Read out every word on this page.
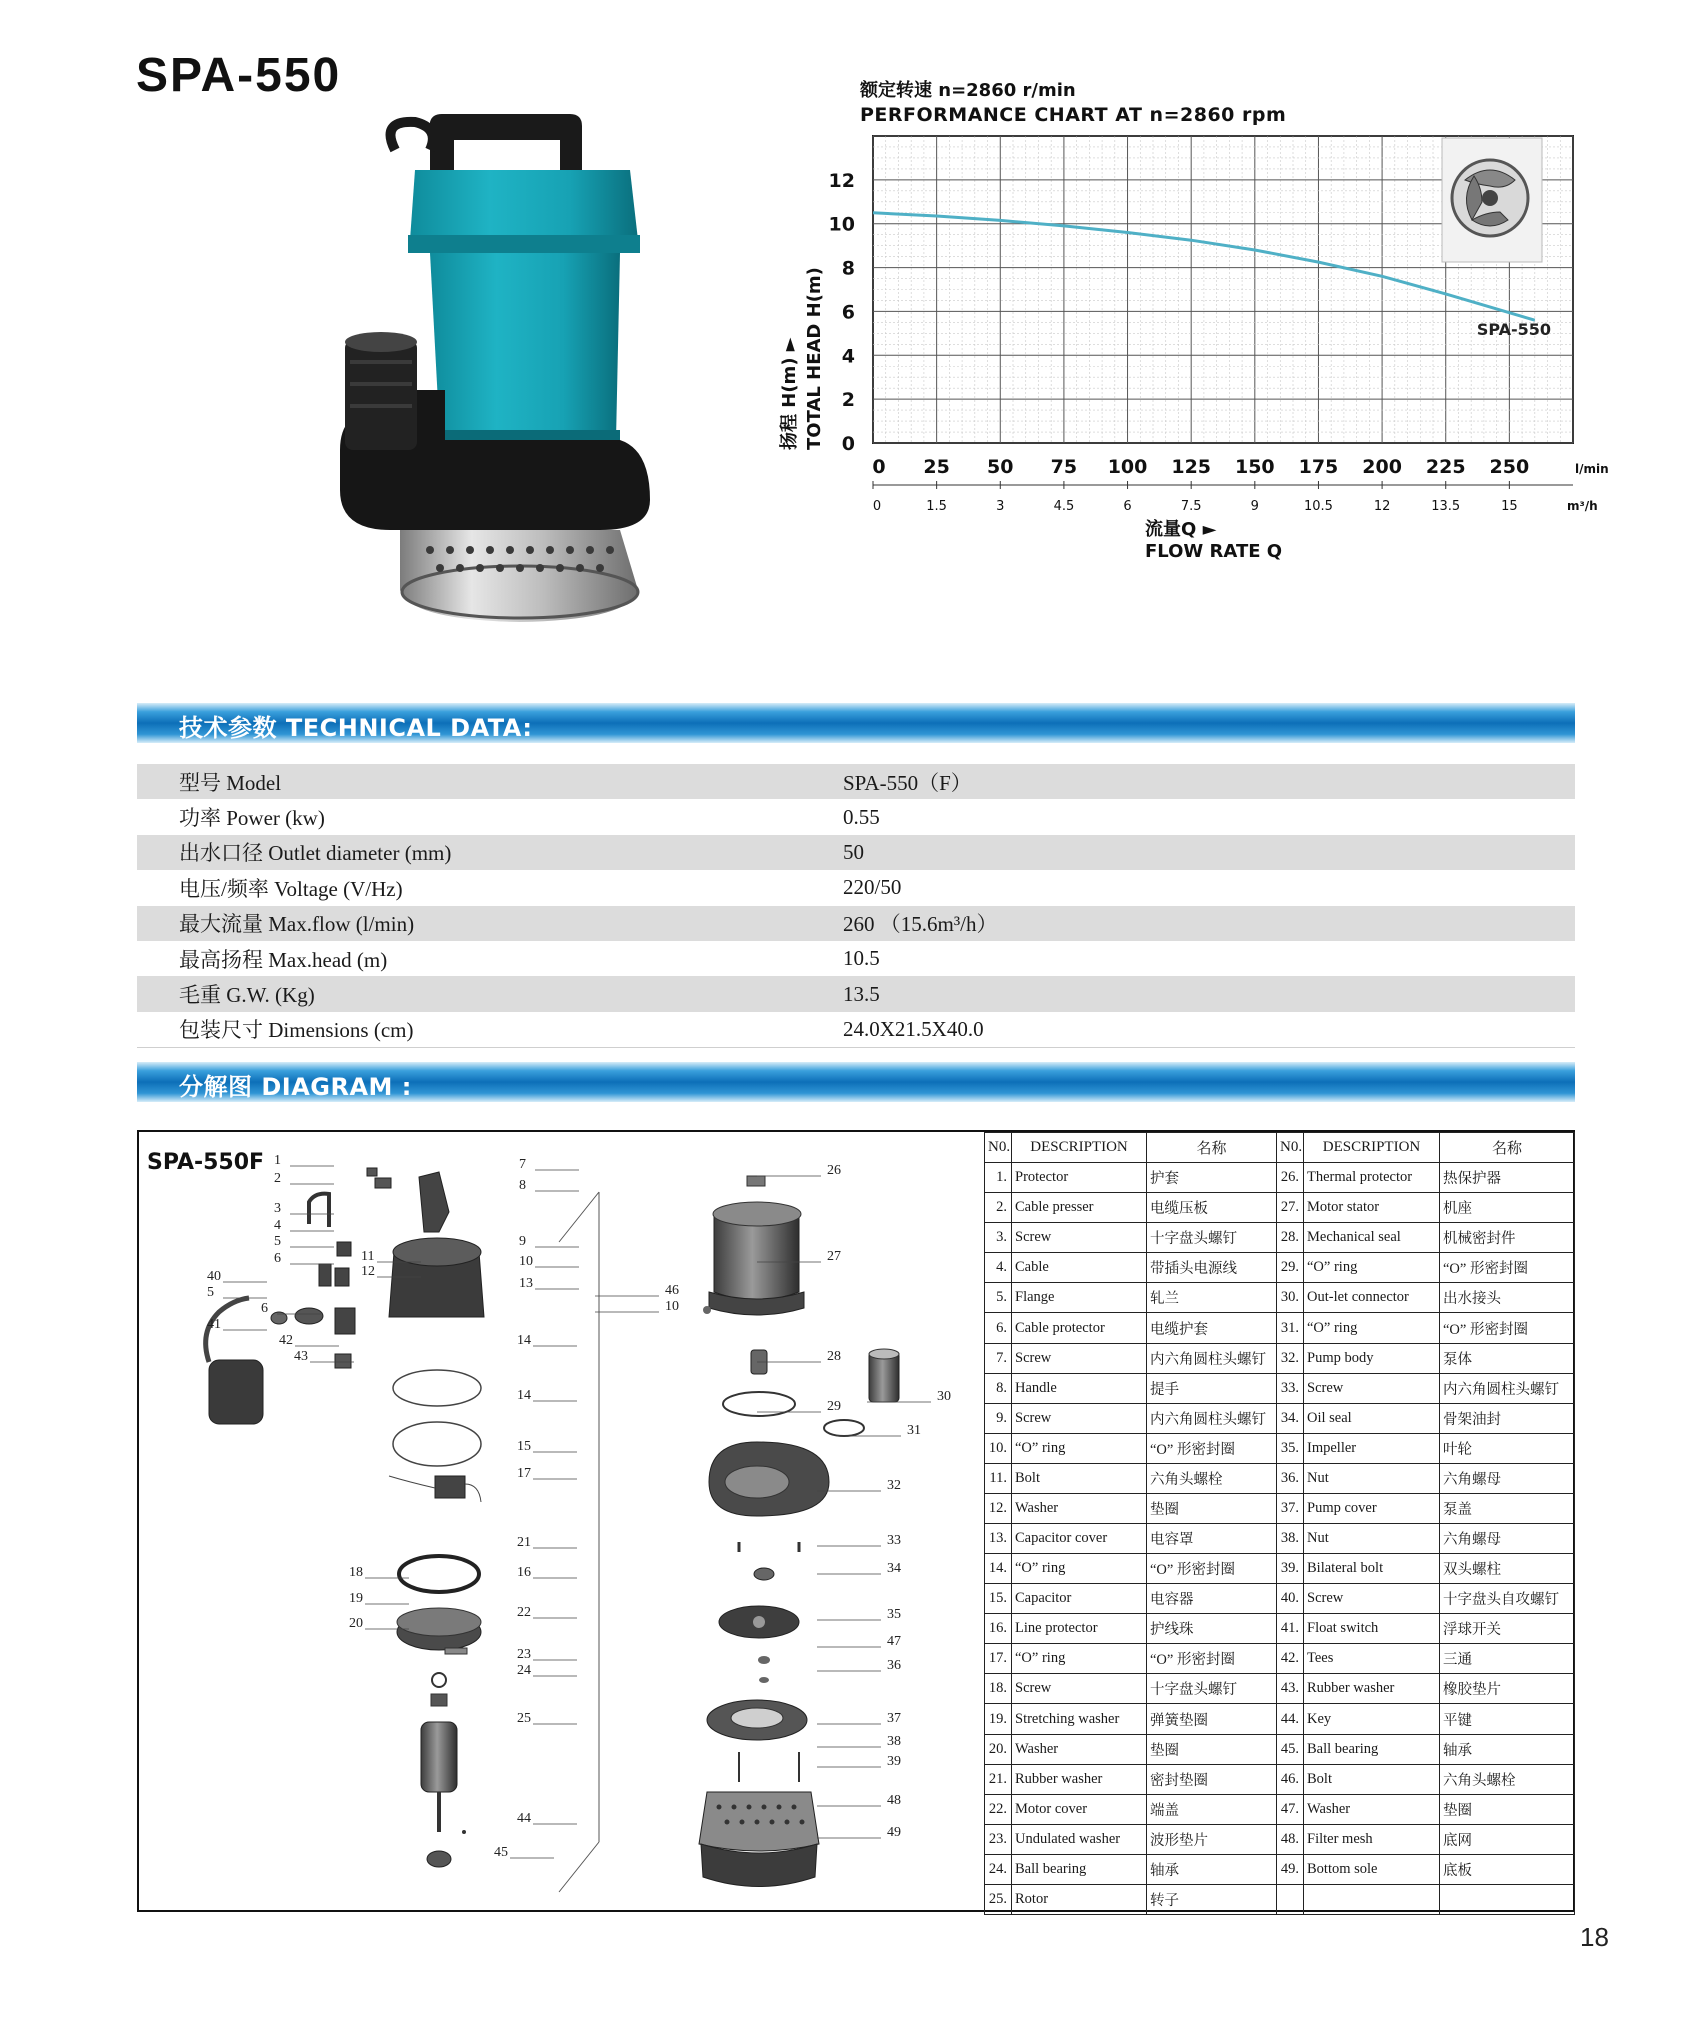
SPA-550	额定转速 n=2860 r/min
PERFORMANCE CHART AT n=2860 rpm
SPA-550
0
2
4
6
8
10
12
0 25 50 75 100 125 150 175 200 225 250
0	1.5	3	4.5	6	7.5	9	10.5	12	13.5	15
l/min
m³/h
流量Q ►
FLOW RATE Q
扬程 H(m) ► TOTAL HEAD H(m)
技术参数 TECHNICAL DATA:
型号 Model	SPA-550（F）
功率 Power (kw)	0.55
出水口径 Outlet diameter (mm)	50
电压/频率 Voltage (V/Hz)	220/50
最大流量 Max.flow (l/min)	260 （15.6m³/h）
最高扬程 Max.head (m)	10.5
毛重 G.W. (Kg)	13.5
包装尺寸 Dimensions (cm)	24.0X21.5X40.0
分解图 DIAGRAM :
SPA-550F 1
2
3
4
5
6
40
5
6
41
42
43
7
8
9
10
11
12
13
14
14
15
17
21
18	16
19
20
22
23
24
25
44
45
26
46
10
27
28
29
30
31
32
33
34
35
47
36
37
38
39
48
49
N0.	DESCRIPTION	名称	N0.	DESCRIPTION	名称
1.	Protector	护套	26.	Thermal protector	热保护器
2.	Cable presser	电缆压板	27.	Motor stator	机座
3.	Screw	十字盘头螺钉	28.	Mechanical seal	机械密封件
4.	Cable	带插头电源线	29.	“O” ring	“O” 形密封圈
5.	Flange	轧兰	30.	Out-let connector	出水接头
6.	Cable protector	电缆护套	31.	“O” ring	“O” 形密封圈
7.	Screw	内六角圆柱头螺钉	32.	Pump body	泵体
8.	Handle	提手	33.	Screw	内六角圆柱头螺钉
9.	Screw	内六角圆柱头螺钉	34.	Oil seal	骨架油封
10.	“O” ring	“O” 形密封圈	35.	Impeller	叶轮
11.	Bolt	六角头螺栓	36.	Nut	六角螺母
12.	Washer	垫圈	37.	Pump cover	泵盖
13.	Capacitor cover	电容罩	38.	Nut	六角螺母
14.	“O” ring	“O” 形密封圈	39.	Bilateral bolt	双头螺柱
15.	Capacitor	电容器	40.	Screw	十字盘头自攻螺钉
16.	Line protector	护线珠	41.	Float switch	浮球开关
17.	“O” ring	“O” 形密封圈	42.	Tees	三通
18.	Screw	十字盘头螺钉	43.	Rubber washer	橡胶垫片
19.	Stretching washer	弹簧垫圈	44.	Key	平键
20.	Washer	垫圈	45.	Ball bearing	轴承
21.	Rubber washer	密封垫圈	46.	Bolt	六角头螺栓
22.	Motor cover	端盖	47.	Washer	垫圈
23.	Undulated washer	波形垫片	48.	Filter mesh	底网
24.	Ball bearing	轴承	49.	Bottom sole	底板
25.	Rotor	转子			
18
